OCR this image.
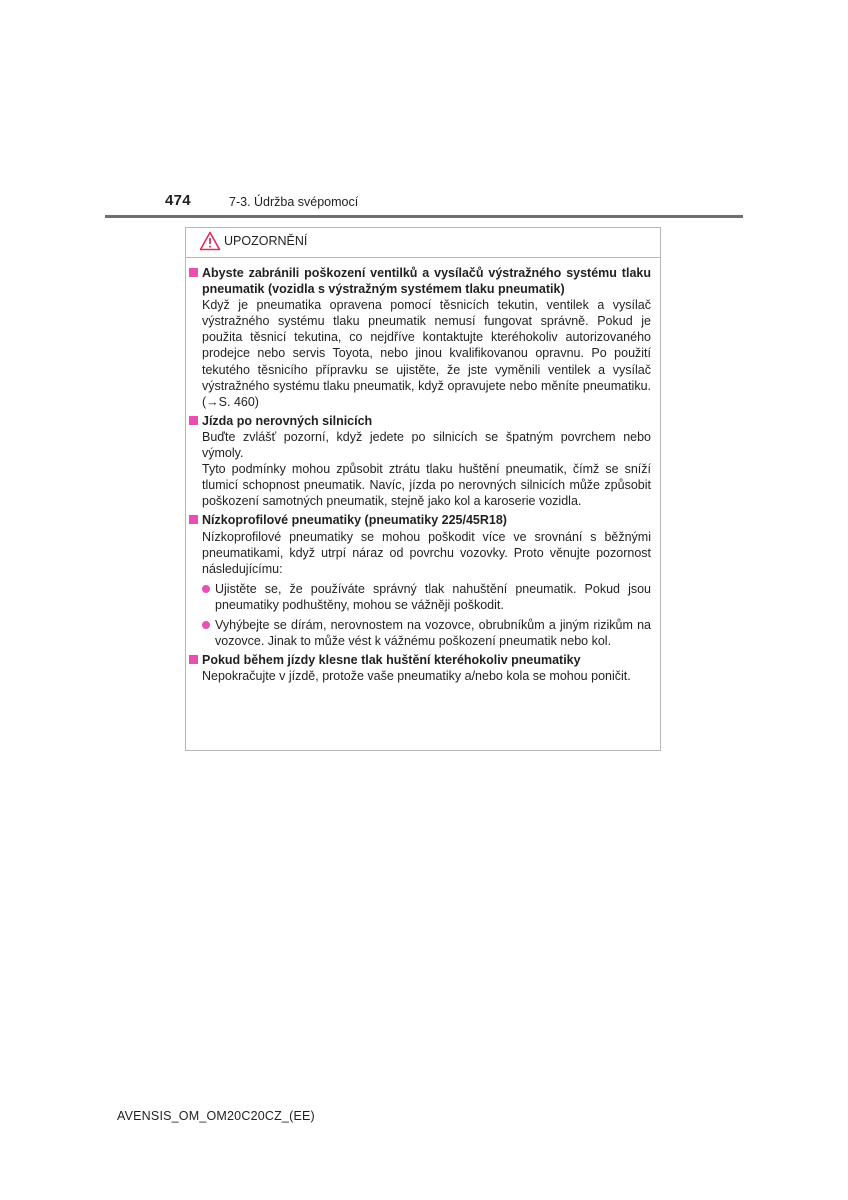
474	7-3. Údržba svépomocí
UPOZORNĚNÍ
Abyste zabránili poškození ventilků a vysílačů výstražného systému tlaku pneumatik (vozidla s výstražným systémem tlaku pneumatik)
Když je pneumatika opravena pomocí těsnicích tekutin, ventilek a vysílač výstražného systému tlaku pneumatik nemusí fungovat správně. Pokud je použita těsnicí tekutina, co nejdříve kontaktujte kteréhokoliv autorizovaného prodejce nebo servis Toyota, nebo jinou kvalifikovanou opravnu. Po použití tekutého těsnicího přípravku se ujistěte, že jste vyměnili ventilek a vysílač výstražného systému tlaku pneumatik, když opravujete nebo měníte pneumatiku. (→S. 460)
Jízda po nerovných silnicích
Buďte zvlášť pozorní, když jedete po silnicích se špatným povrchem nebo výmoly.
Tyto podmínky mohou způsobit ztrátu tlaku huštění pneumatik, čímž se sníží tlumicí schopnost pneumatik. Navíc, jízda po nerovných silnicích může způsobit poškození samotných pneumatik, stejně jako kol a karoserie vozidla.
Nízkoprofilové pneumatiky (pneumatiky 225/45R18)
Nízkoprofilové pneumatiky se mohou poškodit více ve srovnání s běžnými pneumatikami, když utrpí náraz od povrchu vozovky. Proto věnujte pozornost následujícímu:
Ujistěte se, že používáte správný tlak nahuštění pneumatik. Pokud jsou pneumatiky podhuštěny, mohou se vážněji poškodit.
Vyhýbejte se dírám, nerovnostem na vozovce, obrubníkům a jiným rizikům na vozovce. Jinak to může vést k vážnému poškození pneumatik nebo kol.
Pokud během jízdy klesne tlak huštění kteréhokoliv pneumatiky
Nepokračujte v jízdě, protože vaše pneumatiky a/nebo kola se mohou poničit.
AVENSIS_OM_OM20C20CZ_(EE)
